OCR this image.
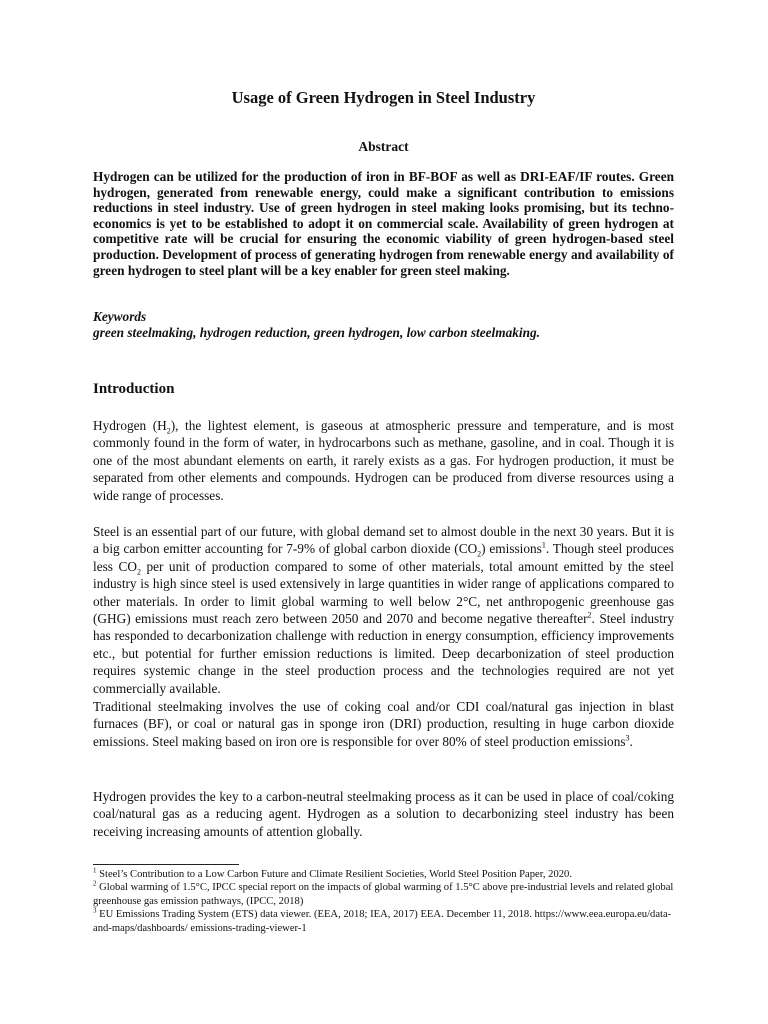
Usage of Green Hydrogen in Steel Industry
Abstract

Hydrogen can be utilized for the production of iron in BF-BOF as well as DRI-EAF/IF routes. Green hydrogen, generated from renewable energy, could make a significant contribution to emissions reductions in steel industry. Use of green hydrogen in steel making looks promising, but its techno-economics is yet to be established to adopt it on commercial scale. Availability of green hydrogen at competitive rate will be crucial for ensuring the economic viability of green hydrogen-based steel production. Development of process of generating hydrogen from renewable energy and availability of green hydrogen to steel plant will be a key enabler for green steel making.

Keywords

green steelmaking, hydrogen reduction, green hydrogen, low carbon steelmaking.

Introduction

Hydrogen $(H_2)$, the lightest element, is gaseous at atmospheric pressure and temperature, and is most commonly found in the form of water, in hydrocarbons such as methane, gasoline, and in coal. Though it is one of the most abundant elements on earth, it rarely exists as a gas. For hydrogen production, it must be separated from other elements and compounds. Hydrogen can be produced from diverse resources using a wide range of processes.

Steel is an essential part of our future, with global demand set to almost double in the next 30 years. But it is a big carbon emitter accounting for 7-9% of global carbon dioxide $(CO_2)$ emissions$^1$. Though steel produces less $CO_2$ per unit of production compared to some of other materials, total amount emitted by the steel industry is high since steel is used extensively in large quantities in wider range of applications compared to other materials. In order to limit global warming to well below 2°C, net anthropogenic greenhouse gas (GHG) emissions must reach zero between 2050 and 2070 and become negative thereafter$^2$. Steel industry has responded to decarbonization challenge with reduction in energy consumption, efficiency improvements etc., but potential for further emission reductions is limited. Deep decarbonization of steel production requires systemic change in the steel production process and the technologies required are not yet commercially available.

Traditional steelmaking involves the use of coking coal and/or CDI coal/natural gas injection in blast furnaces (BF), or coal or natural gas in sponge iron (DRI) production, resulting in huge carbon dioxide emissions. Steel making based on iron ore is responsible for over 80% of steel production emissions$^3$.

Hydrogen provides the key to a carbon-neutral steelmaking process as it can be used in place of coal/coking coal/natural gas as a reducing agent. Hydrogen as a solution to decarbonizing steel industry has been receiving increasing amounts of attention globally.

$^1$ Steel’s Contribution to a Low Carbon Future and Climate Resilient Societies, World Steel Position Paper, 2020.

$^2$ Global warming of 1.5°C, IPCC special report on the impacts of global warming of 1.5°C above pre-industrial levels and related global greenhouse gas emission pathways, (IPCC, 2018)

$^3$ EU Emissions Trading System (ETS) data viewer. (EEA, 2018; IEA, 2017) EEA. December 11, 2018. https://www.eea.europa.eu/data-and-maps/dashboards/ emissions-trading-viewer-1
